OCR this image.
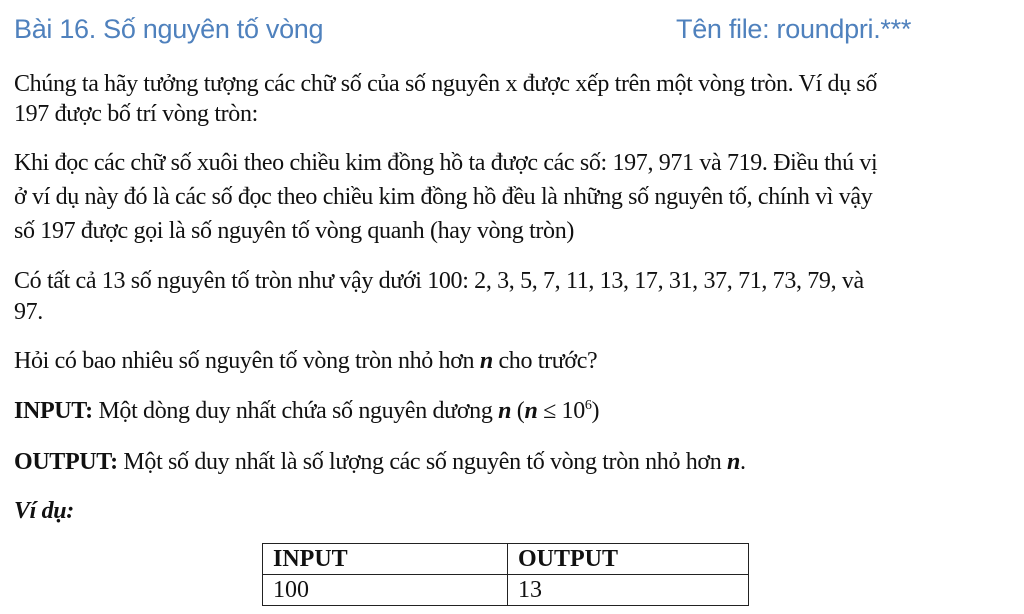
Bài 16. Số nguyên tố vòng	Tên file: roundpri.***
Chúng ta hãy tưởng tượng các chữ số của số nguyên x được xếp trên một vòng tròn. Ví dụ số
197 được bố trí vòng tròn:
Khi đọc các chữ số xuôi theo chiều kim đồng hồ ta được các số: 197, 971 và 719. Điều thú vị
ở ví dụ này đó là các số đọc theo chiều kim đồng hồ đều là những số nguyên tố, chính vì vậy
số 197 được gọi là số nguyên tố vòng quanh (hay vòng tròn)
Có tất cả 13 số nguyên tố tròn như vậy dưới 100: 2, 3, 5, 7, 11, 13, 17, 31, 37, 71, 73, 79, và
97.
Hỏi có bao nhiêu số nguyên tố vòng tròn nhỏ hơn n cho trước?
INPUT: Một dòng duy nhất chứa số nguyên dương n $(n \le 10^6)$
OUTPUT: Một số duy nhất là số lượng các số nguyên tố vòng tròn nhỏ hơn n.
Ví dụ:
INPUT	OUTPUT
100	13
